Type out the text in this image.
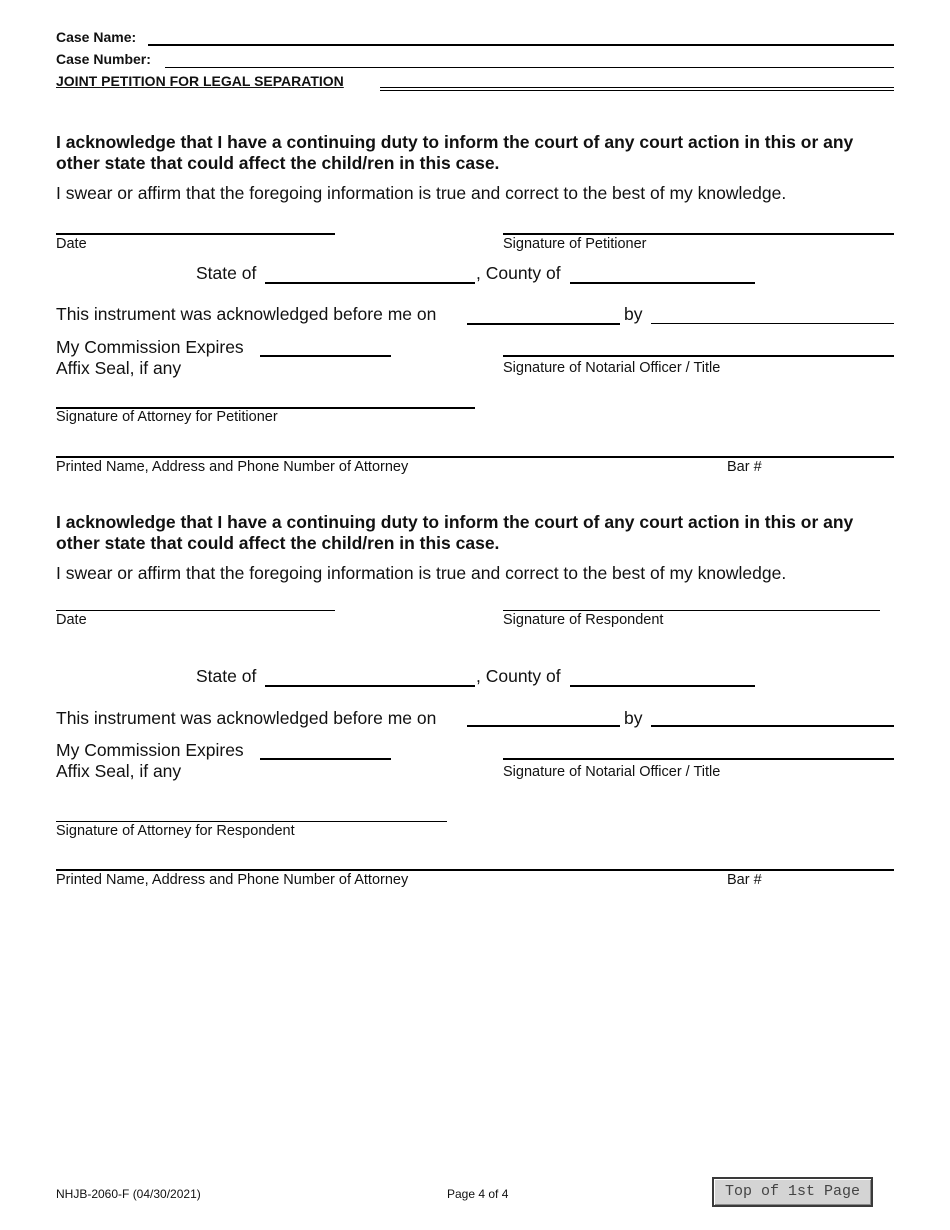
Case Name:
Case Number:
JOINT PETITION FOR LEGAL SEPARATION
I acknowledge that I have a continuing duty to inform the court of any court action in this or any other state that could affect the child/ren in this case.
I swear or affirm that the foregoing information is true and correct to the best of my knowledge.
Date	Signature of Petitioner
State of	, County of
This instrument was acknowledged before me on	by
My Commission Expires
Affix Seal, if any	Signature of Notarial Officer / Title
Signature of Attorney for Petitioner
Printed Name, Address and Phone Number of Attorney	Bar #
I acknowledge that I have a continuing duty to inform the court of any court action in this or any other state that could affect the child/ren in this case.
I swear or affirm that the foregoing information is true and correct to the best of my knowledge.
Date	Signature of Respondent
State of	, County of
This instrument was acknowledged before me on	by
My Commission Expires
Affix Seal, if any	Signature of Notarial Officer / Title
Signature of Attorney for Respondent
Printed Name, Address and Phone Number of Attorney	Bar #
NHJB-2060-F (04/30/2021)	Page 4 of 4	Top of 1st Page
